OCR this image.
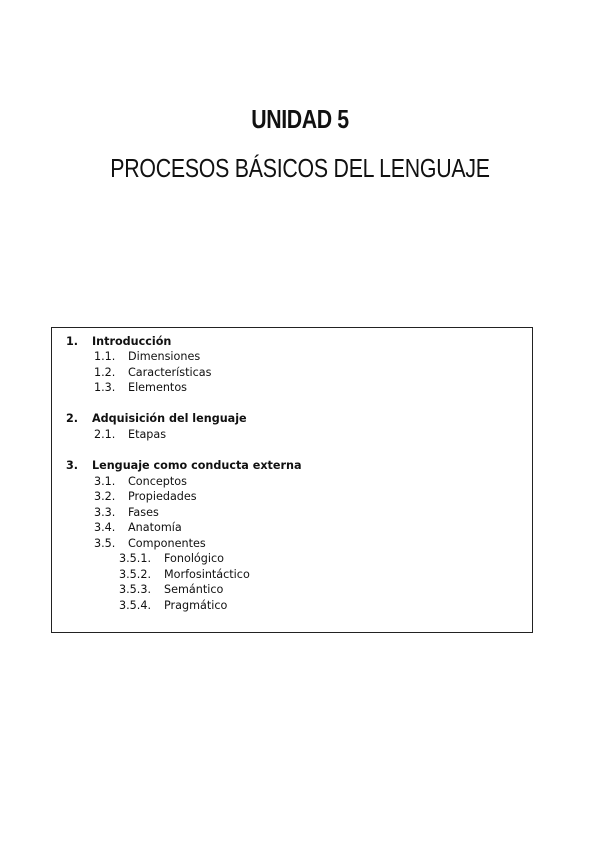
UNIDAD 5
PROCESOS BÁSICOS DEL LENGUAJE
1. Introducción
1.1. Dimensiones
1.2. Características
1.3. Elementos
2. Adquisición del lenguaje
2.1. Etapas
3. Lenguaje como conducta externa
3.1. Conceptos
3.2. Propiedades
3.3. Fases
3.4. Anatomía
3.5. Componentes
3.5.1. Fonológico
3.5.2. Morfosintáctico
3.5.3. Semántico
3.5.4. Pragmático
